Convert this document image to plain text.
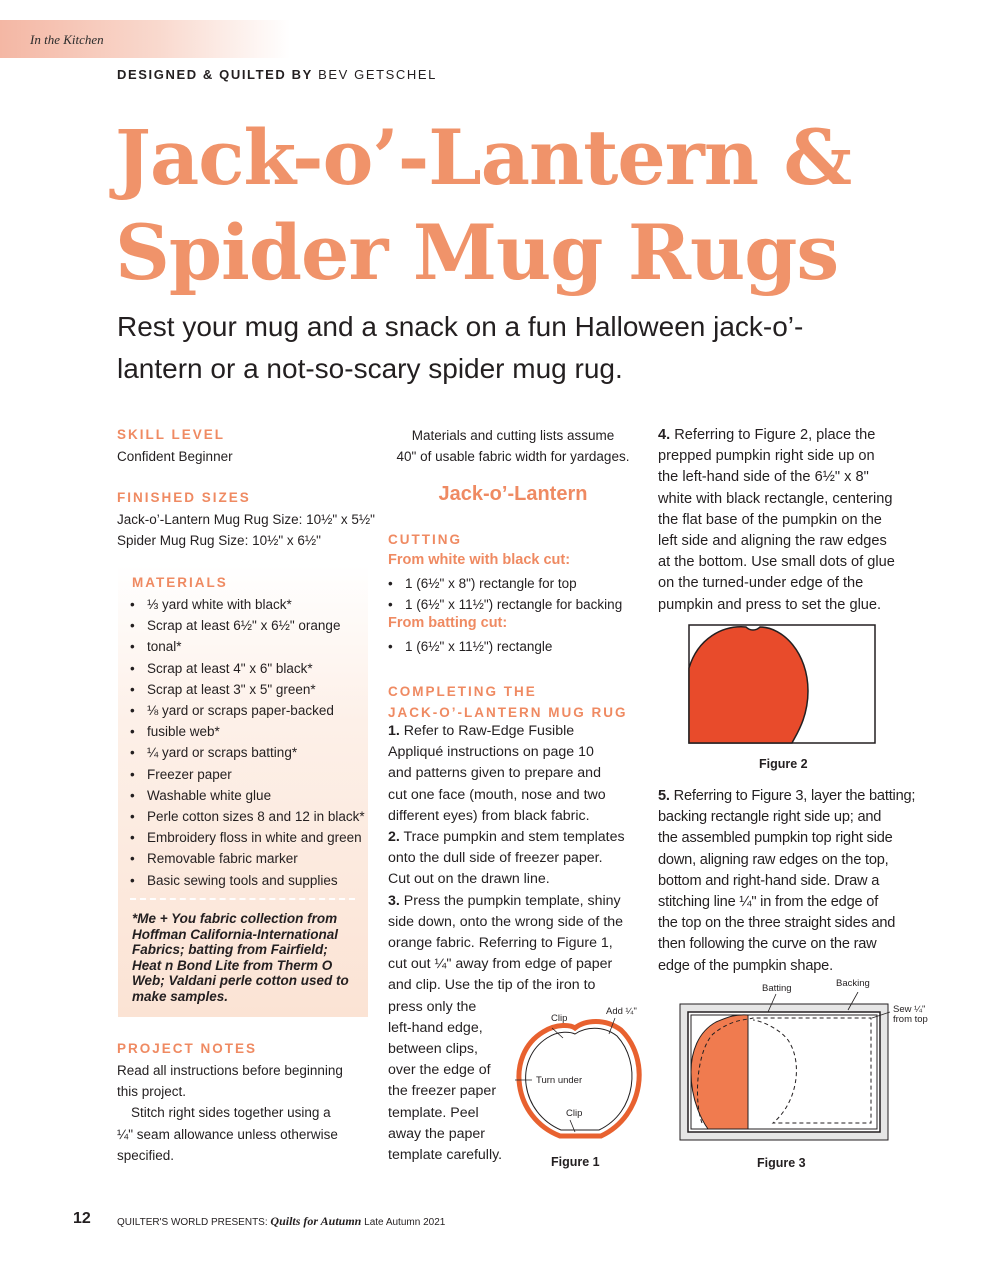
In the Kitchen
DESIGNED & QUILTED BY BEV GETSCHEL
Jack-o’-Lantern &
Spider Mug Rugs
Rest your mug and a snack on a fun Halloween jack-o’-
lantern or a not-so-scary spider mug rug.
SKILL LEVEL
Confident Beginner
FINISHED SIZES
Jack-o’-Lantern Mug Rug Size: 10½" x 5½"
Spider Mug Rug Size: 10½" x 6½"
MATERIALS
• ⅓ yard white with black*
• Scrap at least 6½" x 6½" orange
• tonal*
• Scrap at least 4" x 6" black*
• Scrap at least 3" x 5" green*
• ⅛ yard or scraps paper-backed
• fusible web*
• ¼ yard or scraps batting*
• Freezer paper
• Washable white glue
• Perle cotton sizes 8 and 12 in black*
• Embroidery floss in white and green
• Removable fabric marker
• Basic sewing tools and supplies
*Me + You fabric collection from
Hoffman California-International
Fabrics; batting from Fairfield;
Heat n Bond Lite from Therm O
Web; Valdani perle cotton used to
make samples.
PROJECT NOTES
Read all instructions before beginning
this project.
Stitch right sides together using a
¼" seam allowance unless otherwise
specified.
Materials and cutting lists assume
40" of usable fabric width for yardages.
Jack-o’-Lantern
CUTTING
From white with black cut:
• 1 (6½" x 8") rectangle for top
• 1 (6½" x 11½") rectangle for backing
From batting cut:
• 1 (6½" x 11½") rectangle
COMPLETING THE
JACK-O’-LANTERN MUG RUG
1. Refer to Raw-Edge Fusible
Appliqué instructions on page 10
and patterns given to prepare and
cut one face (mouth, nose and two
different eyes) from black fabric.
2. Trace pumpkin and stem templates
onto the dull side of freezer paper.
Cut out on the drawn line.
3. Press the pumpkin template, shiny
side down, onto the wrong side of the
orange fabric. Referring to Figure 1,
cut out ¼" away from edge of paper
and clip. Use the tip of the iron to
press only the
left-hand edge,
between clips,
over the edge of
the freezer paper
template. Peel
away the paper
template carefully.
Clip
Add ¼"
Turn under
Clip
Figure 1
4. Referring to Figure 2, place the
prepped pumpkin right side up on
the left-hand side of the 6½" x 8"
white with black rectangle, centering
the flat base of the pumpkin on the
left side and aligning the raw edges
at the bottom. Use small dots of glue
on the turned-under edge of the
pumpkin and press to set the glue.
Figure 2
5. Referring to Figure 3, layer the batting;
backing rectangle right side up; and
the assembled pumpkin top right side
down, aligning raw edges on the top,
bottom and right-hand side. Draw a
stitching line ¼" in from the edge of
the top on the three straight sides and
then following the curve on the raw
edge of the pumpkin shape.
Batting	Backing
Sew ¼"
from top
Figure 3
12	QUILTER'S WORLD PRESENTS: Quilts for Autumn Late Autumn 2021
